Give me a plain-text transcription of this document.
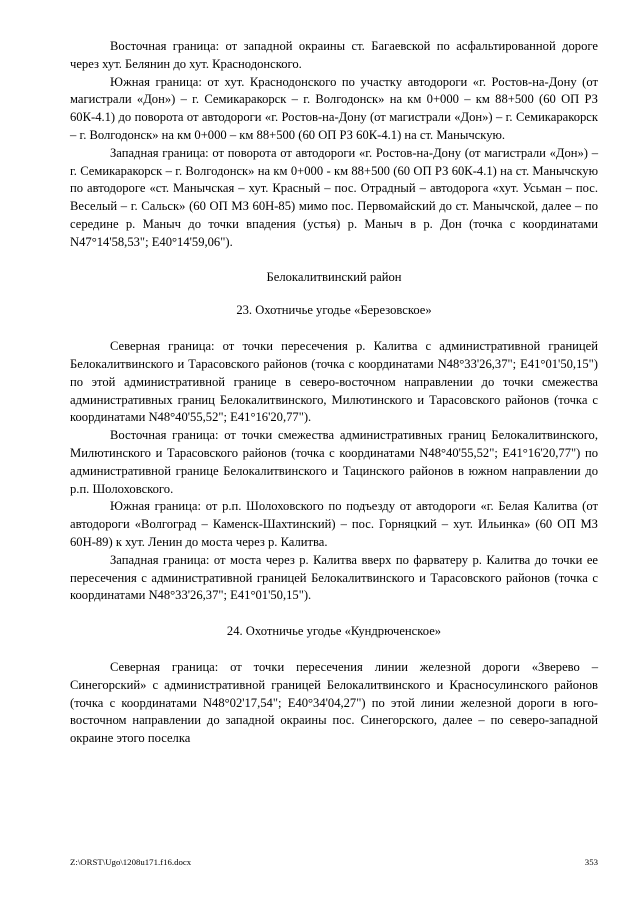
Восточная граница: от западной окраины ст. Багаевской по асфальтированной дороге через хут. Белянин до хут. Краснодонского.

Южная граница: от хут. Краснодонского по участку автодороги «г. Ростов-на-Дону (от магистрали «Дон») – г. Семикаракорск – г. Волгодонск» на км 0+000 – км 88+500 (60 ОП РЗ 60К-4.1) до поворота от автодороги «г. Ростов-на-Дону (от магистрали «Дон») – г. Семикаракорск – г. Волгодонск» на км 0+000 – км 88+500 (60 ОП РЗ 60К-4.1) на ст. Манычскую.

Западная граница: от поворота от автодороги «г. Ростов-на-Дону (от магистрали «Дон») – г. Семикаракорск – г. Волгодонск» на км 0+000 - км 88+500 (60 ОП РЗ 60К-4.1) на ст. Манычскую по автодороге «ст. Манычская – хут. Красный – пос. Отрадный – автодорога «хут. Усьман – пос. Веселый – г. Сальск» (60 ОП МЗ 60Н-85) мимо пос. Первомайский до ст. Манычской, далее – по середине р. Маныч до точки впадения (устья) р. Маныч в р. Дон (точка с координатами N47°14'58,53"; E40°14'59,06").

Белокалитвинский район
23. Охотничье угодье «Березовское»

Северная граница: от точки пересечения р. Калитва с административной границей Белокалитвинского и Тарасовского районов (точка с координатами N48°33'26,37"; E41°01'50,15") по этой административной границе в северо-восточном направлении до точки смежества административных границ Белокалитвинского, Милютинского и Тарасовского районов (точка с координатами N48°40'55,52"; E41°16'20,77").

Восточная граница: от точки смежества административных границ Белокалитвинского, Милютинского и Тарасовского районов (точка с координатами N48°40'55,52"; E41°16'20,77") по административной границе Белокалитвинского и Тацинского районов в южном направлении до р.п. Шолоховского.

Южная граница: от р.п. Шолоховского по подъезду от автодороги «г. Белая Калитва (от автодороги «Волгоград – Каменск-Шахтинский) – пос. Горняцкий – хут. Ильинка» (60 ОП МЗ 60Н-89) к хут. Ленин до моста через р. Калитва.

Западная граница: от моста через р. Калитва вверх по фарватеру р. Калитва до точки ее пересечения с административной границей Белокалитвинского и Тарасовского районов (точка с координатами N48°33'26,37"; E41°01'50,15").

24. Охотничье угодье «Кундрюченское»

Северная граница: от точки пересечения линии железной дороги «Зверево – Синегорский» с административной границей Белокалитвинского и Красносулинского районов (точка с координатами N48°02'17,54"; E40°34'04,27") по этой линии железной дороги в юго-восточном направлении до западной окраины пос. Синегорского, далее – по северо-западной окраине этого поселка

Z:\ORST\Ugo\1208u171.f16.docx	353
